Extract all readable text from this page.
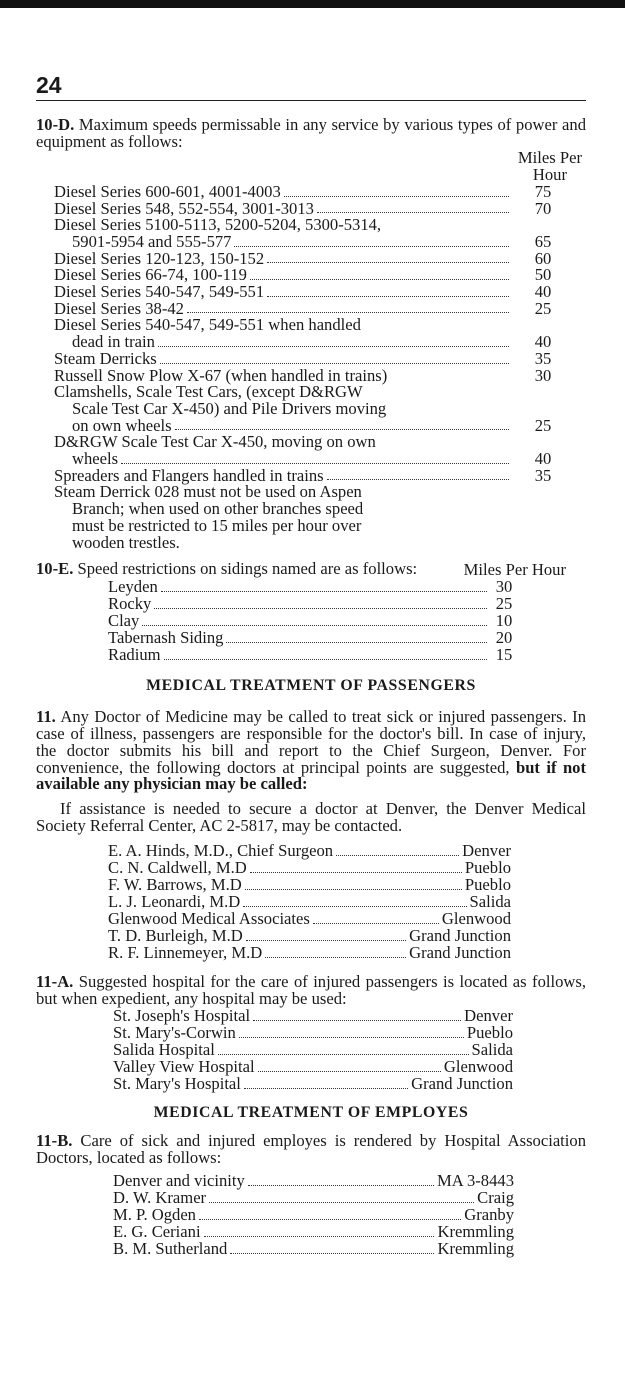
24
10-D. Maximum speeds permissable in any service by various types of power and equipment as follows:
Miles Per
Hour
Diesel Series 600-601, 4001-4003	75
Diesel Series 548, 552-554, 3001-3013	70
Diesel Series 5100-5113, 5200-5204, 5300-5314,
5901-5954 and 555-577	65
Diesel Series 120-123, 150-152	60
Diesel Series 66-74, 100-119	50
Diesel Series 540-547, 549-551	40
Diesel Series 38-42	25
Diesel Series 540-547, 549-551 when handled
dead in train	40
Steam Derricks	35
Russell Snow Plow X-67 (when handled in trains)	30
Clamshells, Scale Test Cars, (except D&RGW
Scale Test Car X-450) and Pile Drivers moving
on own wheels	25
D&RGW Scale Test Car X-450, moving on own
wheels	40
Spreaders and Flangers handled in trains	35
Steam Derrick 028 must not be used on Aspen
Branch; when used on other branches speed
must be restricted to 15 miles per hour over
wooden trestles.
10-E. Speed restrictions on sidings named are as follows:	Miles Per Hour
Leyden	30
Rocky	25
Clay	10
Tabernash Siding	20
Radium	15
MEDICAL TREATMENT OF PASSENGERS
11. Any Doctor of Medicine may be called to treat sick or injured passengers. In case of illness, passengers are responsible for the doctor's bill. In case of injury, the doctor submits his bill and report to the Chief Surgeon, Denver. For convenience, the following doctors at principal points are suggested, but if not available any physician may be called:
If assistance is needed to secure a doctor at Denver, the Denver Medical Society Referral Center, AC 2-5817, may be contacted.
E. A. Hinds, M.D., Chief Surgeon	Denver
C. N. Caldwell, M.D	Pueblo
F. W. Barrows, M.D	Pueblo
L. J. Leonardi, M.D	Salida
Glenwood Medical Associates	Glenwood
T. D. Burleigh, M.D	Grand Junction
R. F. Linnemeyer, M.D	Grand Junction
11-A. Suggested hospital for the care of injured passengers is located as follows, but when expedient, any hospital may be used:
St. Joseph's Hospital	Denver
St. Mary's-Corwin	Pueblo
Salida Hospital	Salida
Valley View Hospital	Glenwood
St. Mary's Hospital	Grand Junction
MEDICAL TREATMENT OF EMPLOYES
11-B. Care of sick and injured employes is rendered by Hospital Association Doctors, located as follows:
Denver and vicinity	MA 3-8443
D. W. Kramer	Craig
M. P. Ogden	Granby
E. G. Ceriani	Kremmling
B. M. Sutherland	Kremmling
